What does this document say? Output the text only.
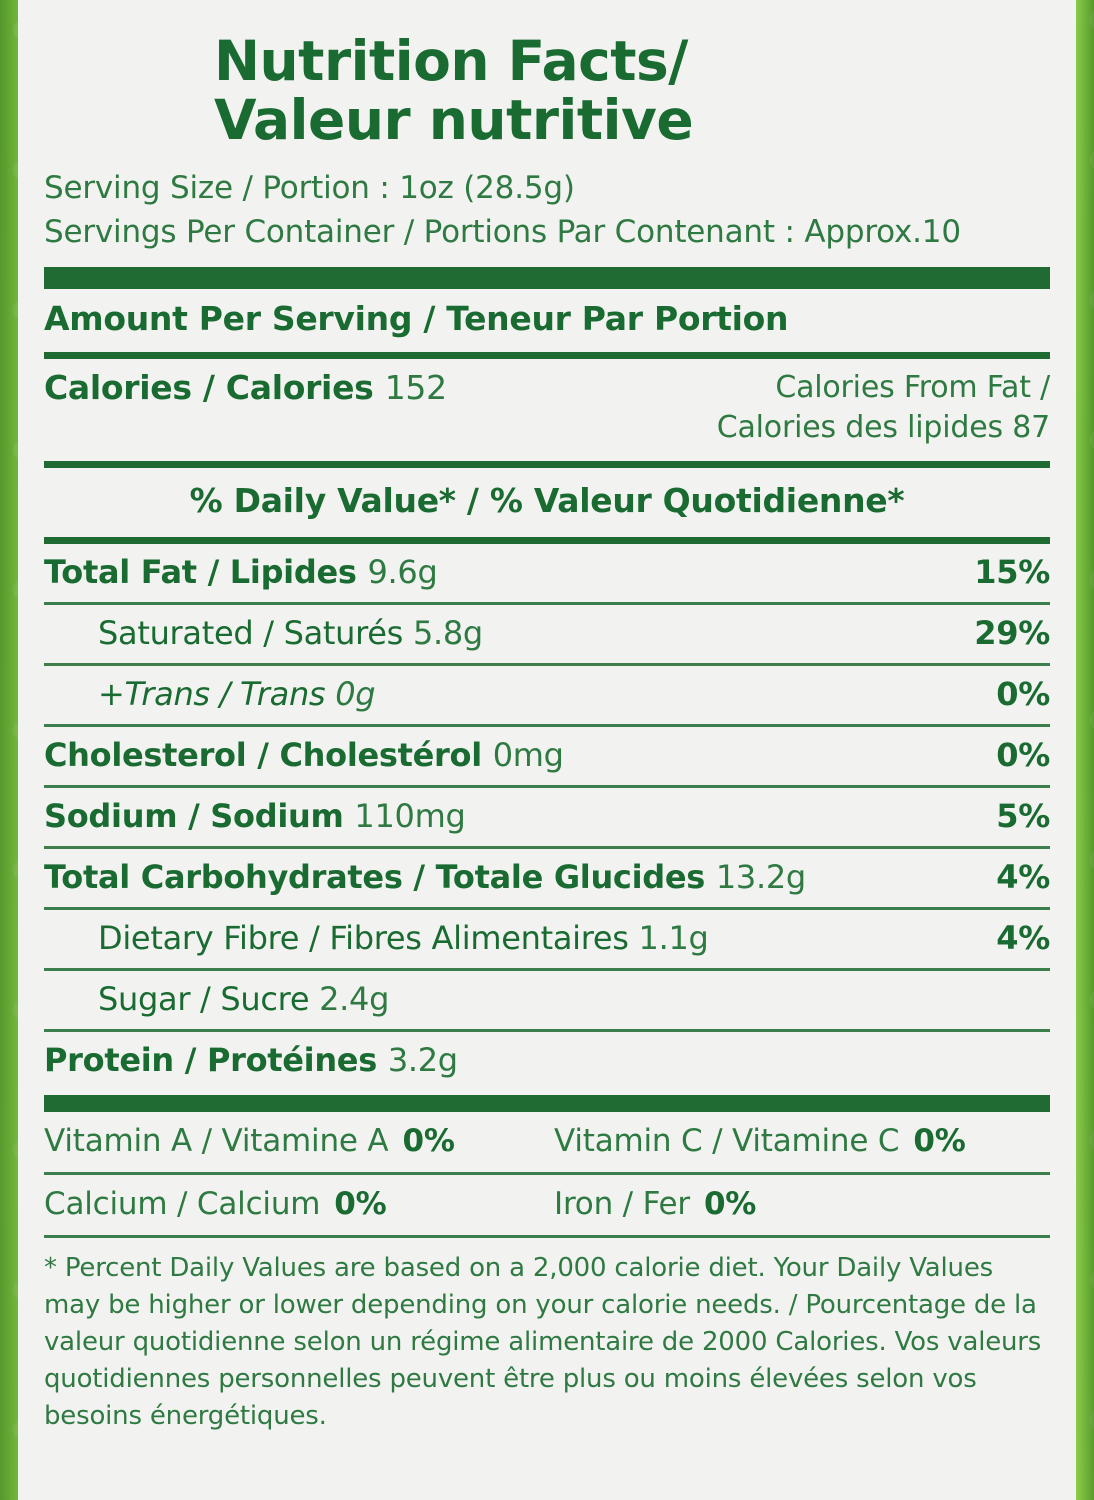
Nutrition Facts/
Valeur nutritive
Serving Size / Portion : 1oz (28.5g)
Servings Per Container / Portions Par Contenant : Approx.10
Amount Per Serving / Teneur Par Portion
Calories / Calories 152	Calories From Fat /
Calories des lipides 87
% Daily Value* / % Valeur Quotidienne*
Total Fat / Lipides 9.6g	15%
Saturated / Saturés 5.8g	29%
+Trans / Trans 0g	0%
Cholesterol / Cholestérol 0mg	0%
Sodium / Sodium 110mg	5%
Total Carbohydrates / Totale Glucides 13.2g	4%
Dietary Fibre / Fibres Alimentaires 1.1g	4%
Sugar / Sucre 2.4g
Protein / Protéines 3.2g
Vitamin A / Vitamine A 0%	Vitamin C / Vitamine C 0%
Calcium / Calcium 0%	Iron / Fer 0%
* Percent Daily Values are based on a 2,000 calorie diet. Your Daily Values may be higher or lower depending on your calorie needs. / Pourcentage de la valeur quotidienne selon un régime alimentaire de 2000 Calories. Vos valeurs quotidiennes personnelles peuvent être plus ou moins élevées selon vos besoins énergétiques.
